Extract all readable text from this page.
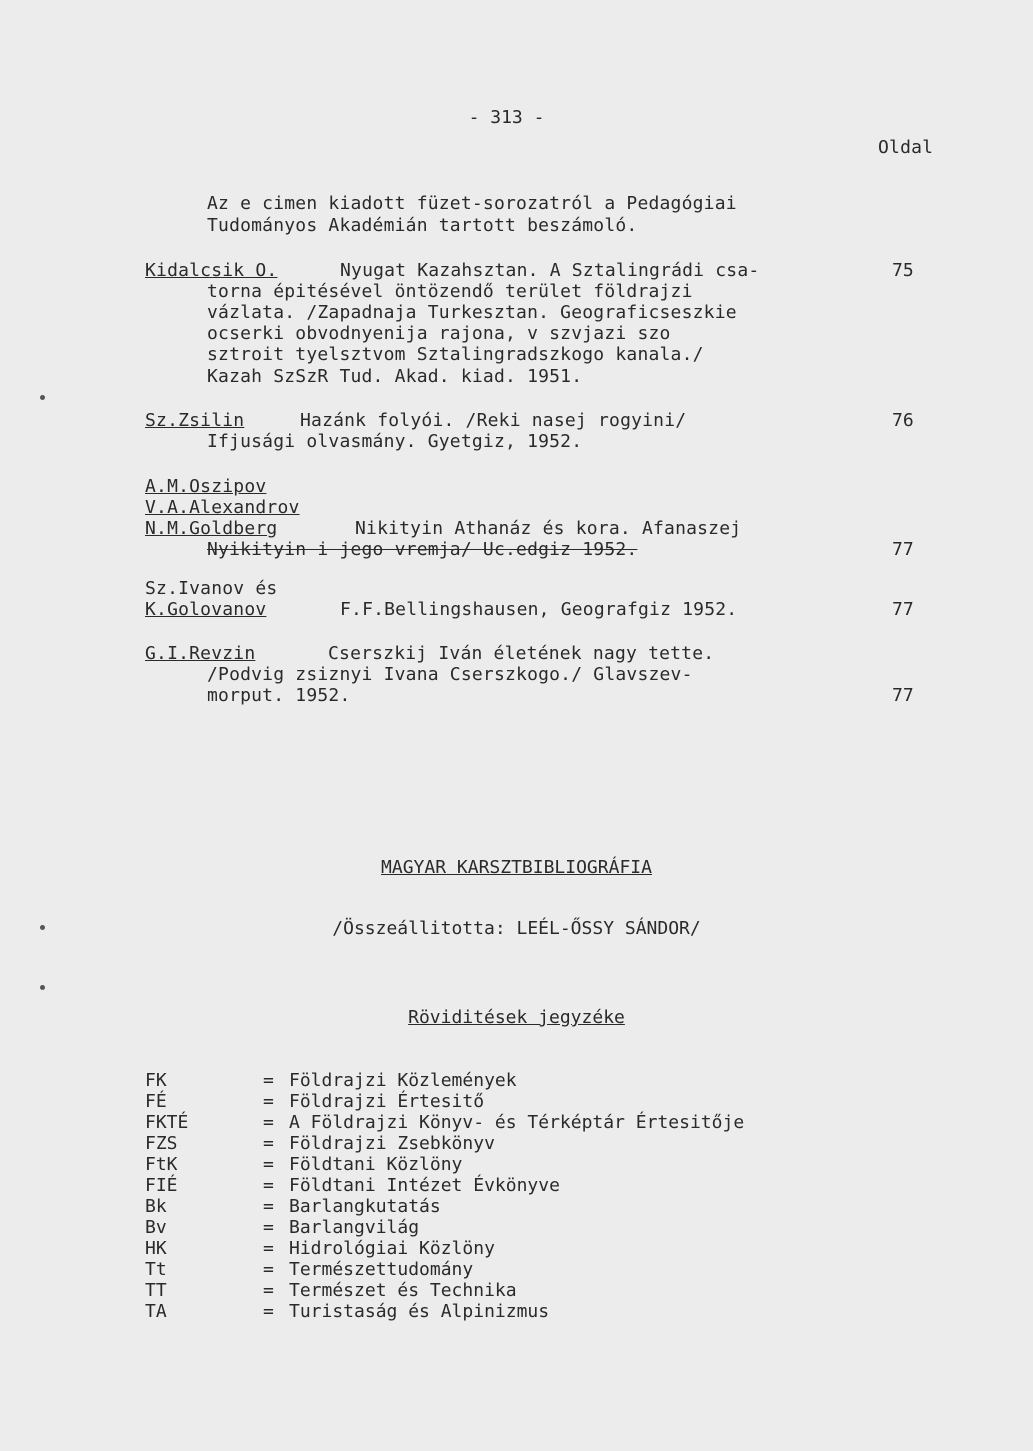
- 313 -
Oldal
Az e cimen kiadott füzet-sorozatról a Pedagógiai
Tudományos Akadémián tartott beszámoló.
Kidalcsik O.	Nyugat Kazahsztan. A Sztalingrádi csa-
torna épitésével öntözendő terület földrajzi
vázlata. /Zapadnaja Turkesztan. Geograficseszkie
ocserki obvodnyenija rajona, v szvjazi szo
sztroit tyelsztvom Sztalingradszkogo kanala./
Kazah SzSzR Tud. Akad. kiad. 1951.
75
Sz.Zsilin	Hazánk folyói. /Reki nasej rogyini/
Ifjusági olvasmány. Gyetgiz, 1952.
76
A.M.Oszipov
V.A.Alexandrov
N.M.Goldberg	Nikityin Athanáz és kora. Afanaszej
Nyikityin i jego vremja/ Uc.edgiz 1952.	77
Sz.Ivanov és
K.Golovanov	F.F.Bellingshausen, Geografgiz 1952.	77
G.I.Revzin	Cserszkij Iván életének nagy tette.
/Podvig zsiznyi Ivana Cserszkogo./ Glavszev-
morput. 1952.	77
MAGYAR KARSZTBIBLIOGRÁFIA
/Összeállitotta: LEÉL-ŐSSY SÁNDOR/
Röviditések jegyzéke
FK	= Földrajzi Közlemények
FÉ	= Földrajzi Értesitő
FKTÉ	= A Földrajzi Könyv- és Térképtár Értesitője
FZS	= Földrajzi Zsebkönyv
FtK	= Földtani Közlöny
FIÉ	= Földtani Intézet Évkönyve
Bk	= Barlangkutatás
Bv	= Barlangvilág
HK	= Hidrológiai Közlöny
Tt	= Természettudomány
TT	= Természet és Technika
TA	= Turistaság és Alpinizmus
